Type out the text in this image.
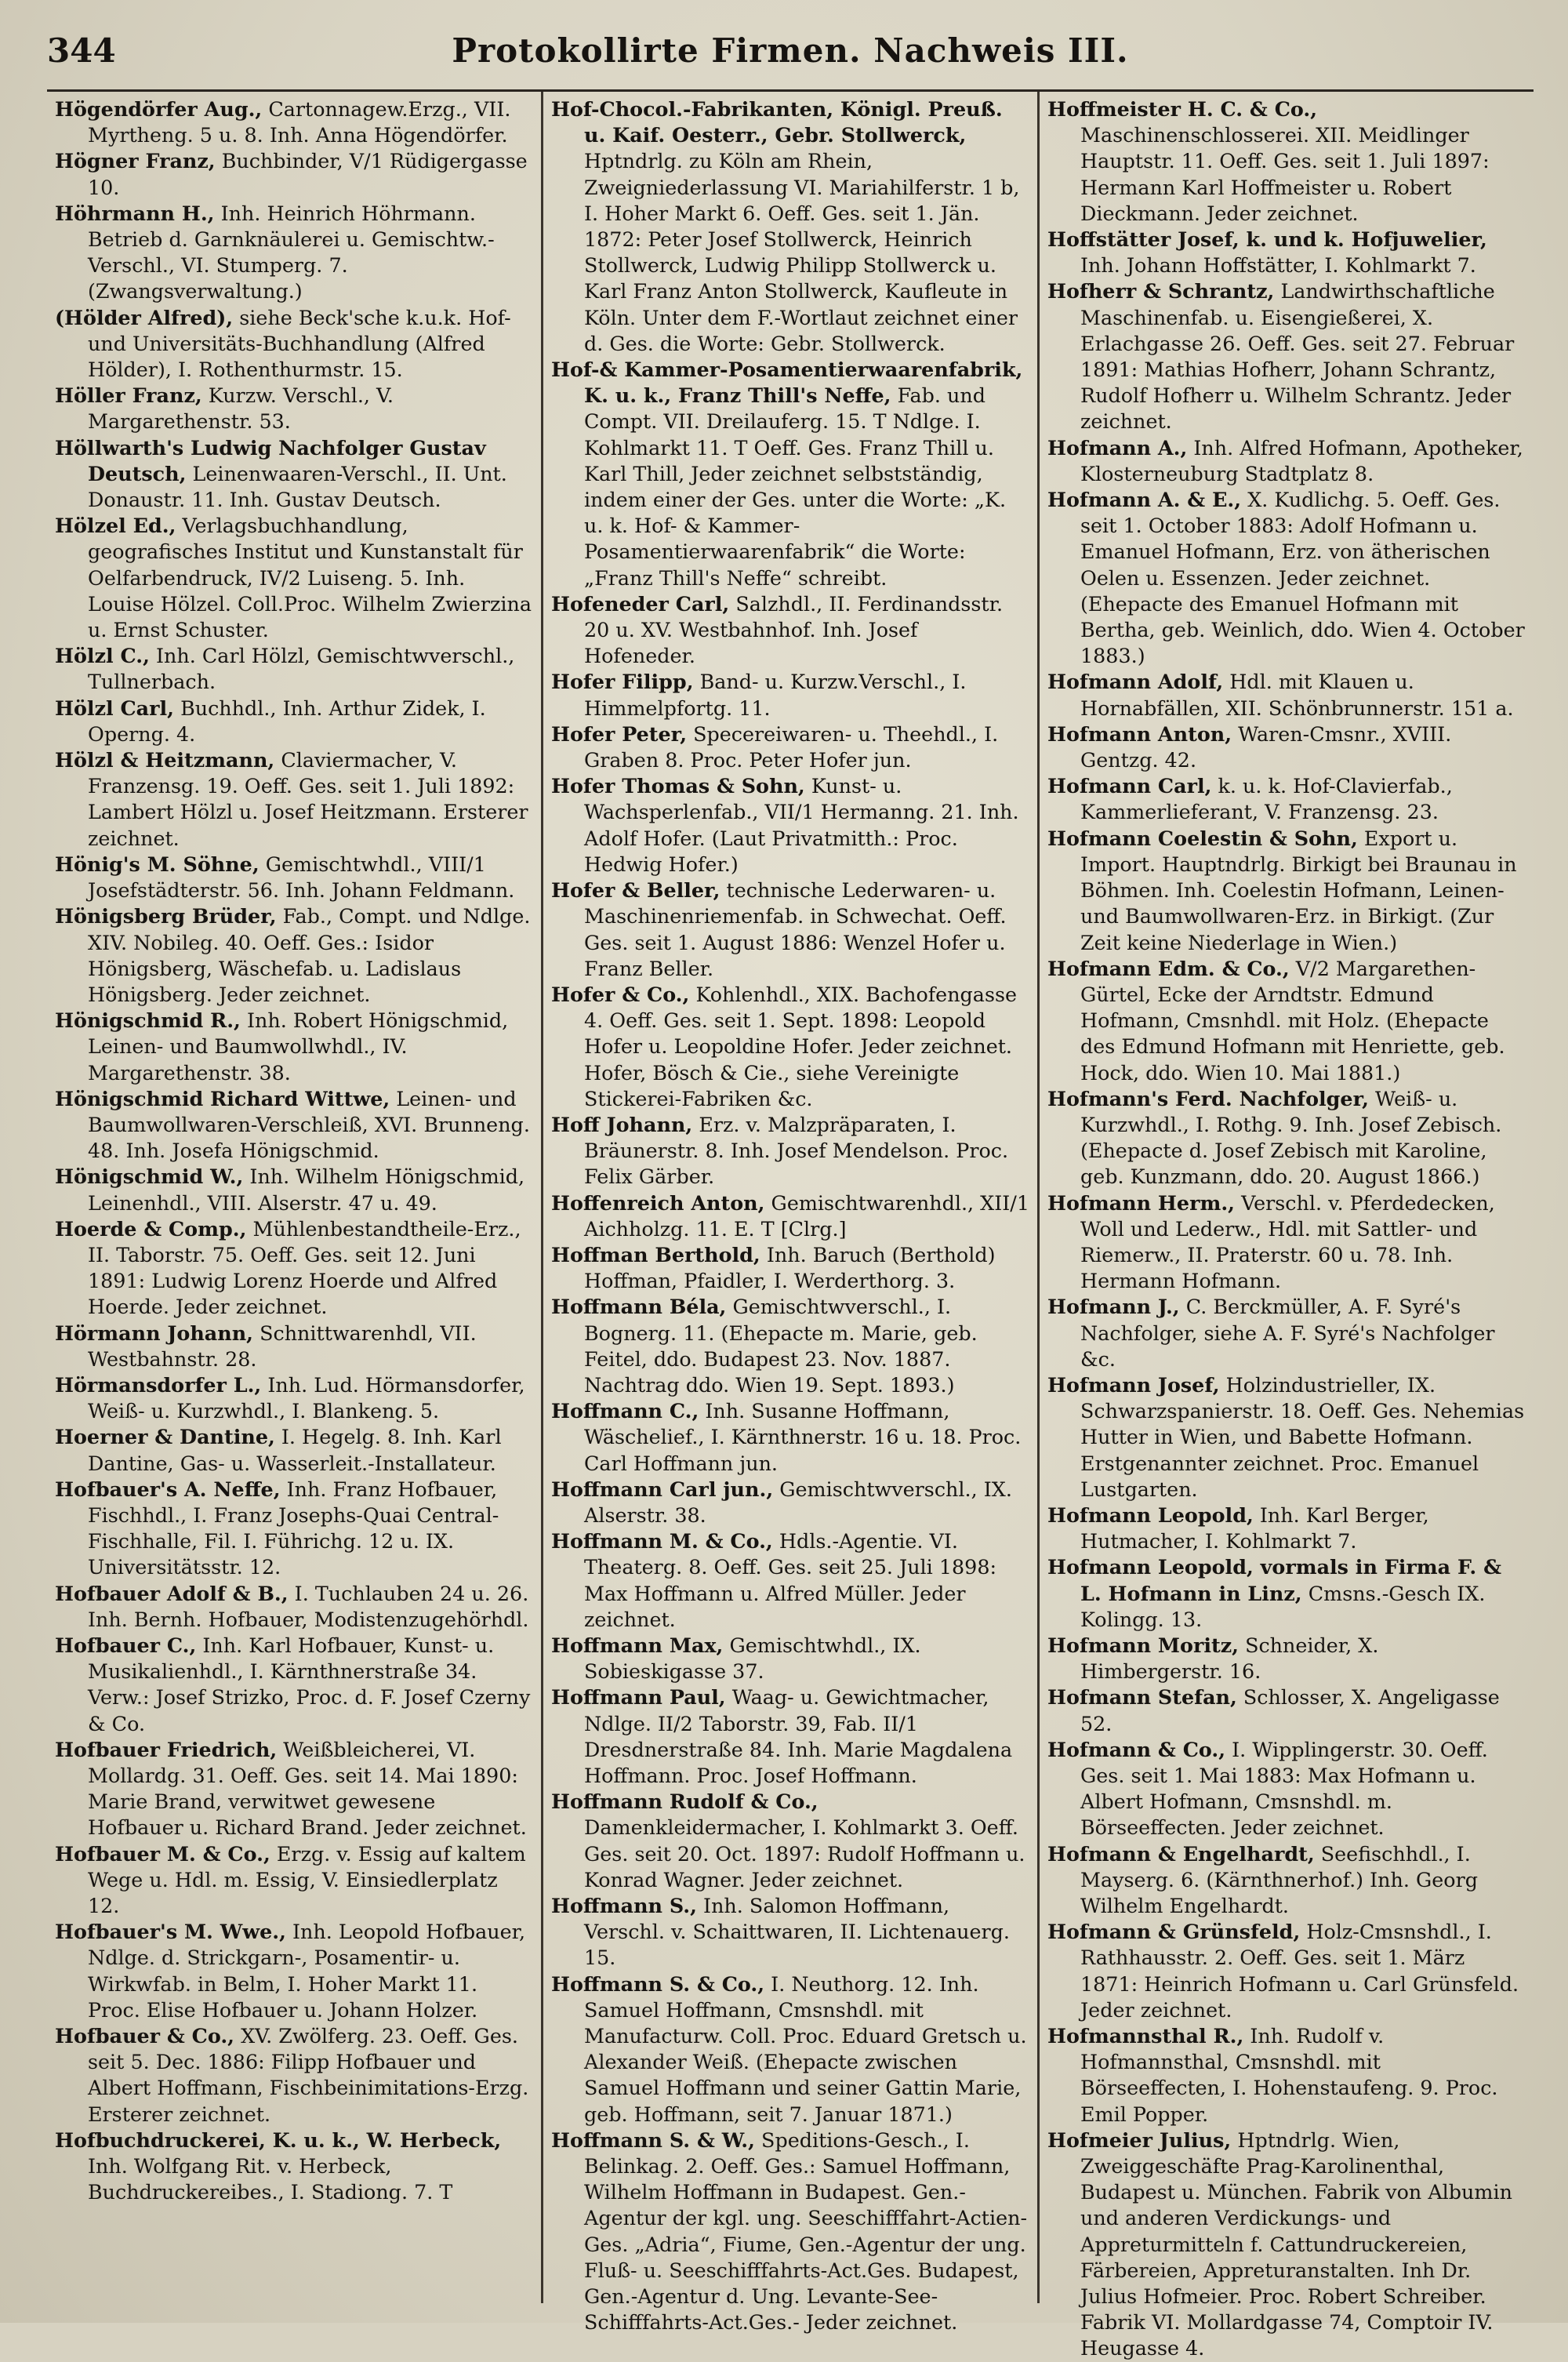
344	Protokollirte Firmen. Nachweis III.

Högendörfer Aug., Cartonnagew.Erzg., VII. Myrtheng. 5 u. 8. Inh. Anna Högendörfer.

Högner Franz, Buchbinder, V/1 Rüdigergasse 10.

Höhrmann H., Inh. Heinrich Höhrmann. Betrieb d. Garnknäulerei u. Gemischtw.-Verschl., VI. Stumperg. 7. (Zwangsverwaltung.)

(Hölder Alfred), siehe Beck'sche k.u.k. Hof- und Universitäts-Buchhandlung (Alfred Hölder), I. Rothenthurmstr. 15.

Höller Franz, Kurzw. Verschl., V. Margarethenstr. 53.

Höllwarth's Ludwig Nachfolger Gustav Deutsch, Leinenwaaren-Verschl., II. Unt. Donaustr. 11. Inh. Gustav Deutsch.

Hölzel Ed., Verlagsbuchhandlung, geografisches Institut und Kunstanstalt für Oelfarbendruck, IV/2 Luiseng. 5. Inh. Louise Hölzel. Coll.Proc. Wilhelm Zwierzina u. Ernst Schuster.

Hölzl C., Inh. Carl Hölzl, Gemischtwverschl., Tullnerbach.

Hölzl Carl, Buchhdl., Inh. Arthur Zidek, I. Operng. 4.

Hölzl & Heitzmann, Claviermacher, V. Franzensg. 19. Oeff. Ges. seit 1. Juli 1892: Lambert Hölzl u. Josef Heitzmann. Ersterer zeichnet.

Hönig's M. Söhne, Gemischtwhdl., VIII/1 Josefstädterstr. 56. Inh. Johann Feldmann.

Hönigsberg Brüder, Fab., Compt. und Ndlge. XIV. Nobileg. 40. Oeff. Ges.: Isidor Hönigsberg, Wäschefab. u. Ladislaus Hönigsberg. Jeder zeichnet.

Hönigschmid R., Inh. Robert Hönigschmid, Leinen- und Baumwollwhdl., IV. Margarethenstr. 38.

Hönigschmid Richard Wittwe, Leinen- und Baumwollwaren-Verschleiß, XVI. Brunneng. 48. Inh. Josefa Hönigschmid.

Hönigschmid W., Inh. Wilhelm Hönigschmid, Leinenhdl., VIII. Alserstr. 47 u. 49.

Hoerde & Comp., Mühlenbestandtheile-Erz., II. Taborstr. 75. Oeff. Ges. seit 12. Juni 1891: Ludwig Lorenz Hoerde und Alfred Hoerde. Jeder zeichnet.

Hörmann Johann, Schnittwarenhdl, VII. Westbahnstr. 28.

Hörmansdorfer L., Inh. Lud. Hörmansdorfer, Weiß- u. Kurzwhdl., I. Blankeng. 5.

Hoerner & Dantine, I. Hegelg. 8. Inh. Karl Dantine, Gas- u. Wasserleit.-Installateur.

Hofbauer's A. Neffe, Inh. Franz Hofbauer, Fischhdl., I. Franz Josephs-Quai Central-Fischhalle, Fil. I. Führichg. 12 u. IX. Universitätsstr. 12.

Hofbauer Adolf & B., I. Tuchlauben 24 u. 26. Inh. Bernh. Hofbauer, Modistenzugehörhdl.

Hofbauer C., Inh. Karl Hofbauer, Kunst- u. Musikalienhdl., I. Kärnthnerstraße 34. Verw.: Josef Strizko, Proc. d. F. Josef Czerny & Co.

Hofbauer Friedrich, Weißbleicherei, VI. Mollardg. 31. Oeff. Ges. seit 14. Mai 1890: Marie Brand, verwitwet gewesene Hofbauer u. Richard Brand. Jeder zeichnet.

Hofbauer M. & Co., Erzg. v. Essig auf kaltem Wege u. Hdl. m. Essig, V. Einsiedlerplatz 12.

Hofbauer's M. Wwe., Inh. Leopold Hofbauer, Ndlge. d. Strickgarn-, Posamentir- u. Wirkwfab. in Belm, I. Hoher Markt 11. Proc. Elise Hofbauer u. Johann Holzer.

Hofbauer & Co., XV. Zwölferg. 23. Oeff. Ges. seit 5. Dec. 1886: Filipp Hofbauer und Albert Hoffmann, Fischbeinimitations-Erzg. Ersterer zeichnet.

Hofbuchdruckerei, K. u. k., W. Herbeck, Inh. Wolfgang Rit. v. Herbeck, Buchdruckereibes., I. Stadiong. 7. T

Hof-Chocol.-Fabrikanten, Königl. Preuß. u. Kaif. Oesterr., Gebr. Stollwerck, Hptndrlg. zu Köln am Rhein, Zweigniederlassung VI. Mariahilferstr. 1 b, I. Hoher Markt 6. Oeff. Ges. seit 1. Jän. 1872: Peter Josef Stollwerck, Heinrich Stollwerck, Ludwig Philipp Stollwerck u. Karl Franz Anton Stollwerck, Kaufleute in Köln. Unter dem F.-Wortlaut zeichnet einer d. Ges. die Worte: Gebr. Stollwerck.

Hof-& Kammer-Posamentierwaarenfabrik, K. u. k., Franz Thill's Neffe, Fab. und Compt. VII. Dreilauferg. 15. T Ndlge. I. Kohlmarkt 11. T Oeff. Ges. Franz Thill u. Karl Thill, Jeder zeichnet selbstständig, indem einer der Ges. unter die Worte: „K. u. k. Hof- & Kammer-Posamentierwaarenfabrik“ die Worte: „Franz Thill's Neffe“ schreibt.

Hofeneder Carl, Salzhdl., II. Ferdinandsstr. 20 u. XV. Westbahnhof. Inh. Josef Hofeneder.

Hofer Filipp, Band- u. Kurzw.Verschl., I. Himmelpfortg. 11.

Hofer Peter, Specereiwaren- u. Theehdl., I. Graben 8. Proc. Peter Hofer jun.

Hofer Thomas & Sohn, Kunst- u. Wachsperlenfab., VII/1 Hermanng. 21. Inh. Adolf Hofer. (Laut Privatmitth.: Proc. Hedwig Hofer.)

Hofer & Beller, technische Lederwaren- u. Maschinenriemenfab. in Schwechat. Oeff. Ges. seit 1. August 1886: Wenzel Hofer u. Franz Beller.

Hofer & Co., Kohlenhdl., XIX. Bachofengasse 4. Oeff. Ges. seit 1. Sept. 1898: Leopold Hofer u. Leopoldine Hofer. Jeder zeichnet. Hofer, Bösch & Cie., siehe Vereinigte Stickerei-Fabriken &c.

Hoff Johann, Erz. v. Malzpräparaten, I. Bräunerstr. 8. Inh. Josef Mendelson. Proc. Felix Gärber.

Hoffenreich Anton, Gemischtwarenhdl., XII/1 Aichholzg. 11. E. T [Clrg.]

Hoffman Berthold, Inh. Baruch (Berthold) Hoffman, Pfaidler, I. Werderthorg. 3.

Hoffmann Béla, Gemischtwverschl., I. Bognerg. 11. (Ehepacte m. Marie, geb. Feitel, ddo. Budapest 23. Nov. 1887. Nachtrag ddo. Wien 19. Sept. 1893.)

Hoffmann C., Inh. Susanne Hoffmann, Wäschelief., I. Kärnthnerstr. 16 u. 18. Proc. Carl Hoffmann jun.

Hoffmann Carl jun., Gemischtwverschl., IX. Alserstr. 38.

Hoffmann M. & Co., Hdls.-Agentie. VI. Theaterg. 8. Oeff. Ges. seit 25. Juli 1898: Max Hoffmann u. Alfred Müller. Jeder zeichnet.

Hoffmann Max, Gemischtwhdl., IX. Sobieskigasse 37.

Hoffmann Paul, Waag- u. Gewichtmacher, Ndlge. II/2 Taborstr. 39, Fab. II/1 Dresdnerstraße 84. Inh. Marie Magdalena Hoffmann. Proc. Josef Hoffmann.

Hoffmann Rudolf & Co., Damenkleidermacher, I. Kohlmarkt 3. Oeff. Ges. seit 20. Oct. 1897: Rudolf Hoffmann u. Konrad Wagner. Jeder zeichnet.

Hoffmann S., Inh. Salomon Hoffmann, Verschl. v. Schaittwaren, II. Lichtenauerg. 15.

Hoffmann S. & Co., I. Neuthorg. 12. Inh. Samuel Hoffmann, Cmsnshdl. mit Manufacturw. Coll. Proc. Eduard Gretsch u. Alexander Weiß. (Ehepacte zwischen Samuel Hoffmann und seiner Gattin Marie, geb. Hoffmann, seit 7. Januar 1871.)

Hoffmann S. & W., Speditions-Gesch., I. Belinkag. 2. Oeff. Ges.: Samuel Hoffmann, Wilhelm Hoffmann in Budapest. Gen.-Agentur der kgl. ung. Seeschifffahrt-Actien-Ges. „Adria“, Fiume, Gen.-Agentur der ung. Fluß- u. Seeschifffahrts-Act.Ges. Budapest, Gen.-Agentur d. Ung. Levante-See-Schifffahrts-Act.Ges.- Jeder zeichnet.

Hoffmeister H. C. & Co., Maschinenschlosserei. XII. Meidlinger Hauptstr. 11. Oeff. Ges. seit 1. Juli 1897: Hermann Karl Hoffmeister u. Robert Dieckmann. Jeder zeichnet.

Hoffstätter Josef, k. und k. Hofjuwelier, Inh. Johann Hoffstätter, I. Kohlmarkt 7.

Hofherr & Schrantz, Landwirthschaftliche Maschinenfab. u. Eisengießerei, X. Erlachgasse 26. Oeff. Ges. seit 27. Februar 1891: Mathias Hofherr, Johann Schrantz, Rudolf Hofherr u. Wilhelm Schrantz. Jeder zeichnet.

Hofmann A., Inh. Alfred Hofmann, Apotheker, Klosterneuburg Stadtplatz 8.

Hofmann A. & E., X. Kudlichg. 5. Oeff. Ges. seit 1. October 1883: Adolf Hofmann u. Emanuel Hofmann, Erz. von ätherischen Oelen u. Essenzen. Jeder zeichnet. (Ehepacte des Emanuel Hofmann mit Bertha, geb. Weinlich, ddo. Wien 4. October 1883.)

Hofmann Adolf, Hdl. mit Klauen u. Hornabfällen, XII. Schönbrunnerstr. 151 a.

Hofmann Anton, Waren-Cmsnr., XVIII. Gentzg. 42.

Hofmann Carl, k. u. k. Hof-Clavierfab., Kammerlieferant, V. Franzensg. 23.

Hofmann Coelestin & Sohn, Export u. Import. Hauptndrlg. Birkigt bei Braunau in Böhmen. Inh. Coelestin Hofmann, Leinen- und Baumwollwaren-Erz. in Birkigt. (Zur Zeit keine Niederlage in Wien.)

Hofmann Edm. & Co., V/2 Margarethen-Gürtel, Ecke der Arndtstr. Edmund Hofmann, Cmsnhdl. mit Holz. (Ehepacte des Edmund Hofmann mit Henriette, geb. Hock, ddo. Wien 10. Mai 1881.)

Hofmann's Ferd. Nachfolger, Weiß- u. Kurzwhdl., I. Rothg. 9. Inh. Josef Zebisch. (Ehepacte d. Josef Zebisch mit Karoline, geb. Kunzmann, ddo. 20. August 1866.)

Hofmann Herm., Verschl. v. Pferdedecken, Woll und Lederw., Hdl. mit Sattler- und Riemerw., II. Praterstr. 60 u. 78. Inh. Hermann Hofmann.

Hofmann J., C. Berckmüller, A. F. Syré's Nachfolger, siehe A. F. Syré's Nachfolger &c.

Hofmann Josef, Holzindustrieller, IX. Schwarzspanierstr. 18. Oeff. Ges. Nehemias Hutter in Wien, und Babette Hofmann. Erstgenannter zeichnet. Proc. Emanuel Lustgarten.

Hofmann Leopold, Inh. Karl Berger, Hutmacher, I. Kohlmarkt 7.

Hofmann Leopold, vormals in Firma F. & L. Hofmann in Linz, Cmsns.-Gesch IX. Kolingg. 13.

Hofmann Moritz, Schneider, X. Himbergerstr. 16.

Hofmann Stefan, Schlosser, X. Angeligasse 52.

Hofmann & Co., I. Wipplingerstr. 30. Oeff. Ges. seit 1. Mai 1883: Max Hofmann u. Albert Hofmann, Cmsnshdl. m. Börseeffecten. Jeder zeichnet.

Hofmann & Engelhardt, Seefischhdl., I. Mayserg. 6. (Kärnthnerhof.) Inh. Georg Wilhelm Engelhardt.

Hofmann & Grünsfeld, Holz-Cmsnshdl., I. Rathhausstr. 2. Oeff. Ges. seit 1. März 1871: Heinrich Hofmann u. Carl Grünsfeld. Jeder zeichnet.

Hofmannsthal R., Inh. Rudolf v. Hofmannsthal, Cmsnshdl. mit Börseeffecten, I. Hohenstaufeng. 9. Proc. Emil Popper.

Hofmeier Julius, Hptndrlg. Wien, Zweiggeschäfte Prag-Karolinenthal, Budapest u. München. Fabrik von Albumin und anderen Verdickungs- und Appreturmitteln f. Cattundruckereien, Färbereien, Appreturanstalten. Inh Dr. Julius Hofmeier. Proc. Robert Schreiber. Fabrik VI. Mollardgasse 74, Comptoir IV. Heugasse 4.
